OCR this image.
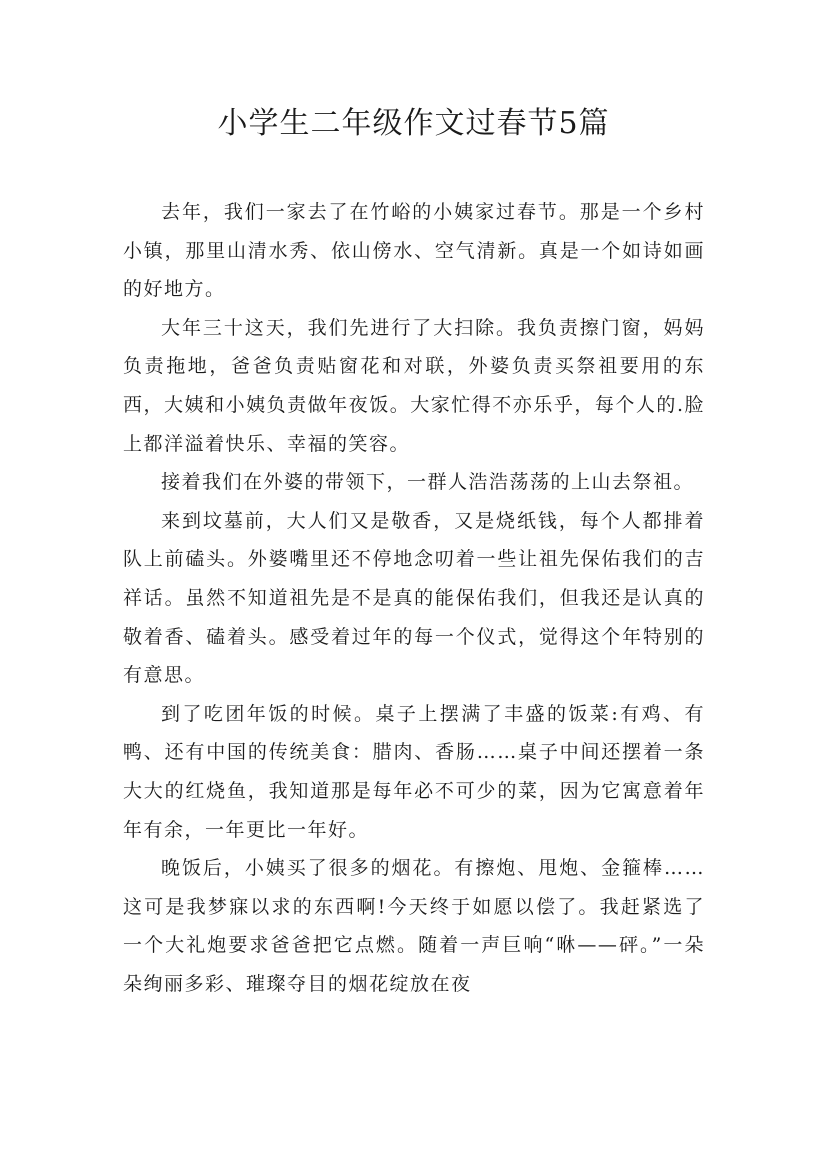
小学生二年级作文过春节5篇

去年，我们一家去了在竹峪的小姨家过春节。那是一个乡村小镇，那里山清水秀、依山傍水、空气清新。真是一个如诗如画的好地方。

大年三十这天，我们先进行了大扫除。我负责擦门窗，妈妈负责拖地，爸爸负责贴窗花和对联，外婆负责买祭祖要用的东西，大姨和小姨负责做年夜饭。大家忙得不亦乐乎，每个人的.脸上都洋溢着快乐、幸福的笑容。

接着我们在外婆的带领下，一群人浩浩荡荡的上山去祭祖。

来到坟墓前，大人们又是敬香，又是烧纸钱，每个人都排着队上前磕头。外婆嘴里还不停地念叨着一些让祖先保佑我们的吉祥话。虽然不知道祖先是不是真的能保佑我们，但我还是认真的敬着香、磕着头。感受着过年的每一个仪式，觉得这个年特别的有意思。

到了吃团年饭的时候。桌子上摆满了丰盛的饭菜:有鸡、有鸭、还有中国的传统美食：腊肉、香肠……桌子中间还摆着一条大大的红烧鱼，我知道那是每年必不可少的菜，因为它寓意着年年有余，一年更比一年好。

晚饭后，小姨买了很多的烟花。有擦炮、甩炮、金箍棒……这可是我梦寐以求的东西啊!今天终于如愿以偿了。我赶紧选了一个大礼炮要求爸爸把它点燃。随着一声巨响“咻——砰。”一朵朵绚丽多彩、璀璨夺目的烟花绽放在夜
